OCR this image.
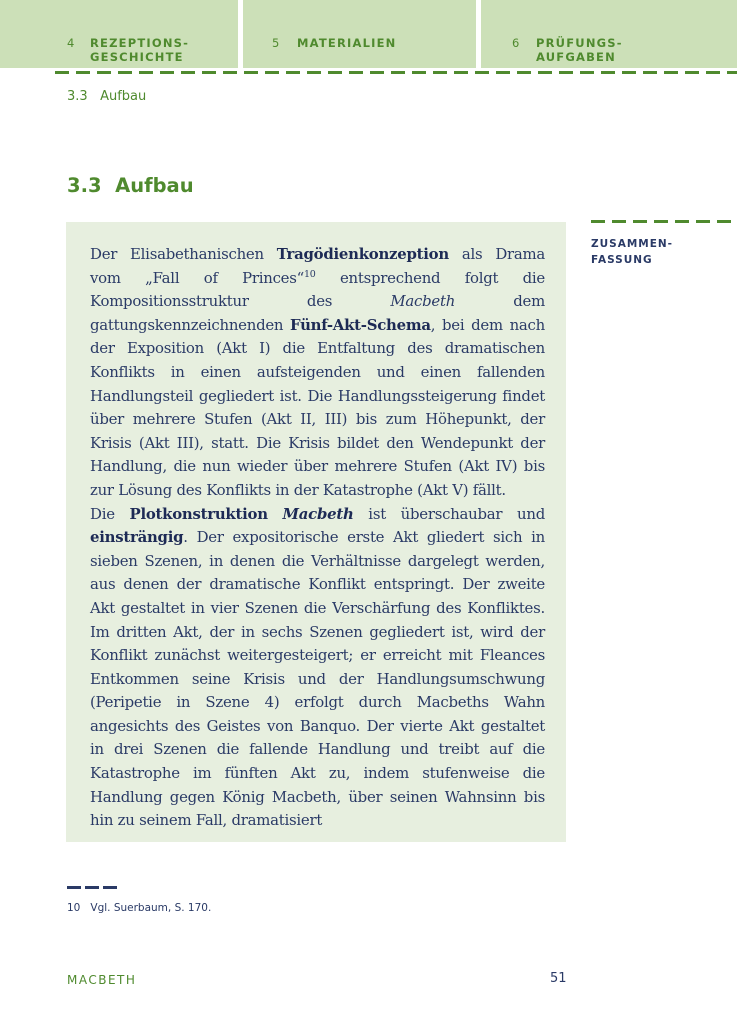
4 REZEPTIONS-
GESCHICHTE
5 MATERIALIEN	6 PRÜFUNGS-
AUFGABEN
3.3 Aufbau
3.3 Aufbau
ZUSAMMEN-
FASSUNG

Der Elisabethanischen Tragödienkonzeption als Drama vom „Fall of Princes“$^{10}$ entsprechend folgt die Kompositionsstruktur des Macbeth dem gattungskennzeichnenden Fünf-Akt-Schema, bei dem nach der Exposition (Akt I) die Entfaltung des dramatischen Konflikts in einen aufsteigenden und einen fallenden Handlungsteil gegliedert ist. Die Handlungssteigerung findet über mehrere Stufen (Akt II, III) bis zum Höhepunkt, der Krisis (Akt III), statt. Die Krisis bildet den Wendepunkt der Handlung, die nun wieder über mehrere Stufen (Akt IV) bis zur Lösung des Konflikts in der Katastrophe (Akt V) fällt.

Die Plotkonstruktion Macbeth ist überschaubar und einsträngig. Der expositorische erste Akt gliedert sich in sieben Szenen, in denen die Verhältnisse dargelegt werden, aus denen der dramatische Konflikt entspringt. Der zweite Akt gestaltet in vier Szenen die Verschärfung des Konfliktes. Im dritten Akt, der in sechs Szenen gegliedert ist, wird der Konflikt zunächst weitergesteigert; er erreicht mit Fleances Entkommen seine Krisis und der Handlungsumschwung (Peripetie in Szene 4) erfolgt durch Macbeths Wahn angesichts des Geistes von Banquo. Der vierte Akt gestaltet in drei Szenen die fallende Handlung und treibt auf die Katastrophe im fünften Akt zu, indem stufenweise die Handlung gegen König Macbeth, über seinen Wahnsinn bis hin zu seinem Fall, dramatisiert

10 Vgl. Suerbaum, S. 170.
MACBETH	51
